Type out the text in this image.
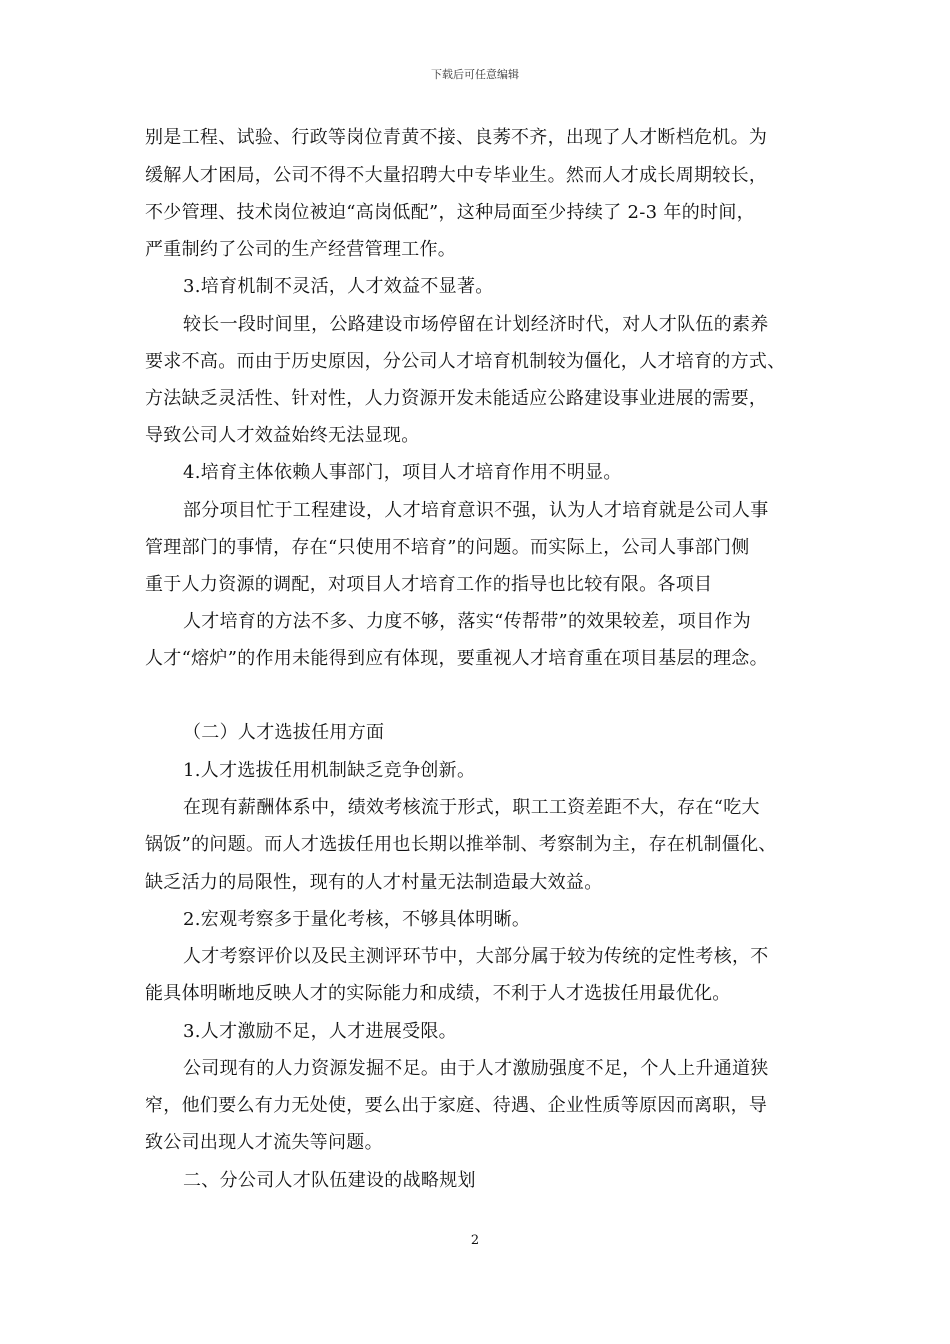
下载后可任意编辑
别是工程、试验、行政等岗位青黄不接、良莠不齐，出现了人才断档危机。为
缓解人才困局，公司不得不大量招聘大中专毕业生。然而人才成长周期较长，
不少管理、技术岗位被迫“高岗低配”，这种局面至少持续了 2-3 年的时间，
严重制约了公司的生产经营管理工作。
3.培育机制不灵活，人才效益不显著。
较长一段时间里，公路建设市场停留在计划经济时代，对人才队伍的素养
要求不高。而由于历史原因，分公司人才培育机制较为僵化，人才培育的方式、
方法缺乏灵活性、针对性，人力资源开发未能适应公路建设事业进展的需要，
导致公司人才效益始终无法显现。
4.培育主体依赖人事部门，项目人才培育作用不明显。
部分项目忙于工程建设，人才培育意识不强，认为人才培育就是公司人事
管理部门的事情，存在“只使用不培育”的问题。而实际上，公司人事部门侧
重于人力资源的调配，对项目人才培育工作的指导也比较有限。各项目
人才培育的方法不多、力度不够，落实“传帮带”的效果较差，项目作为
人才“熔炉”的作用未能得到应有体现，要重视人才培育重在项目基层的理念。
（二）人才选拔任用方面
1.人才选拔任用机制缺乏竞争创新。
在现有薪酬体系中，绩效考核流于形式，职工工资差距不大，存在“吃大
锅饭”的问题。而人才选拔任用也长期以推举制、考察制为主，存在机制僵化、
缺乏活力的局限性，现有的人才村量无法制造最大效益。
2.宏观考察多于量化考核，不够具体明晰。
人才考察评价以及民主测评环节中，大部分属于较为传统的定性考核，不
能具体明晰地反映人才的实际能力和成绩，不利于人才选拔任用最优化。
3.人才激励不足，人才进展受限。
公司现有的人力资源发掘不足。由于人才激励强度不足，个人上升通道狭
窄，他们要么有力无处使，要么出于家庭、待遇、企业性质等原因而离职，导
致公司出现人才流失等问题。
二、分公司人才队伍建设的战略规划
2
